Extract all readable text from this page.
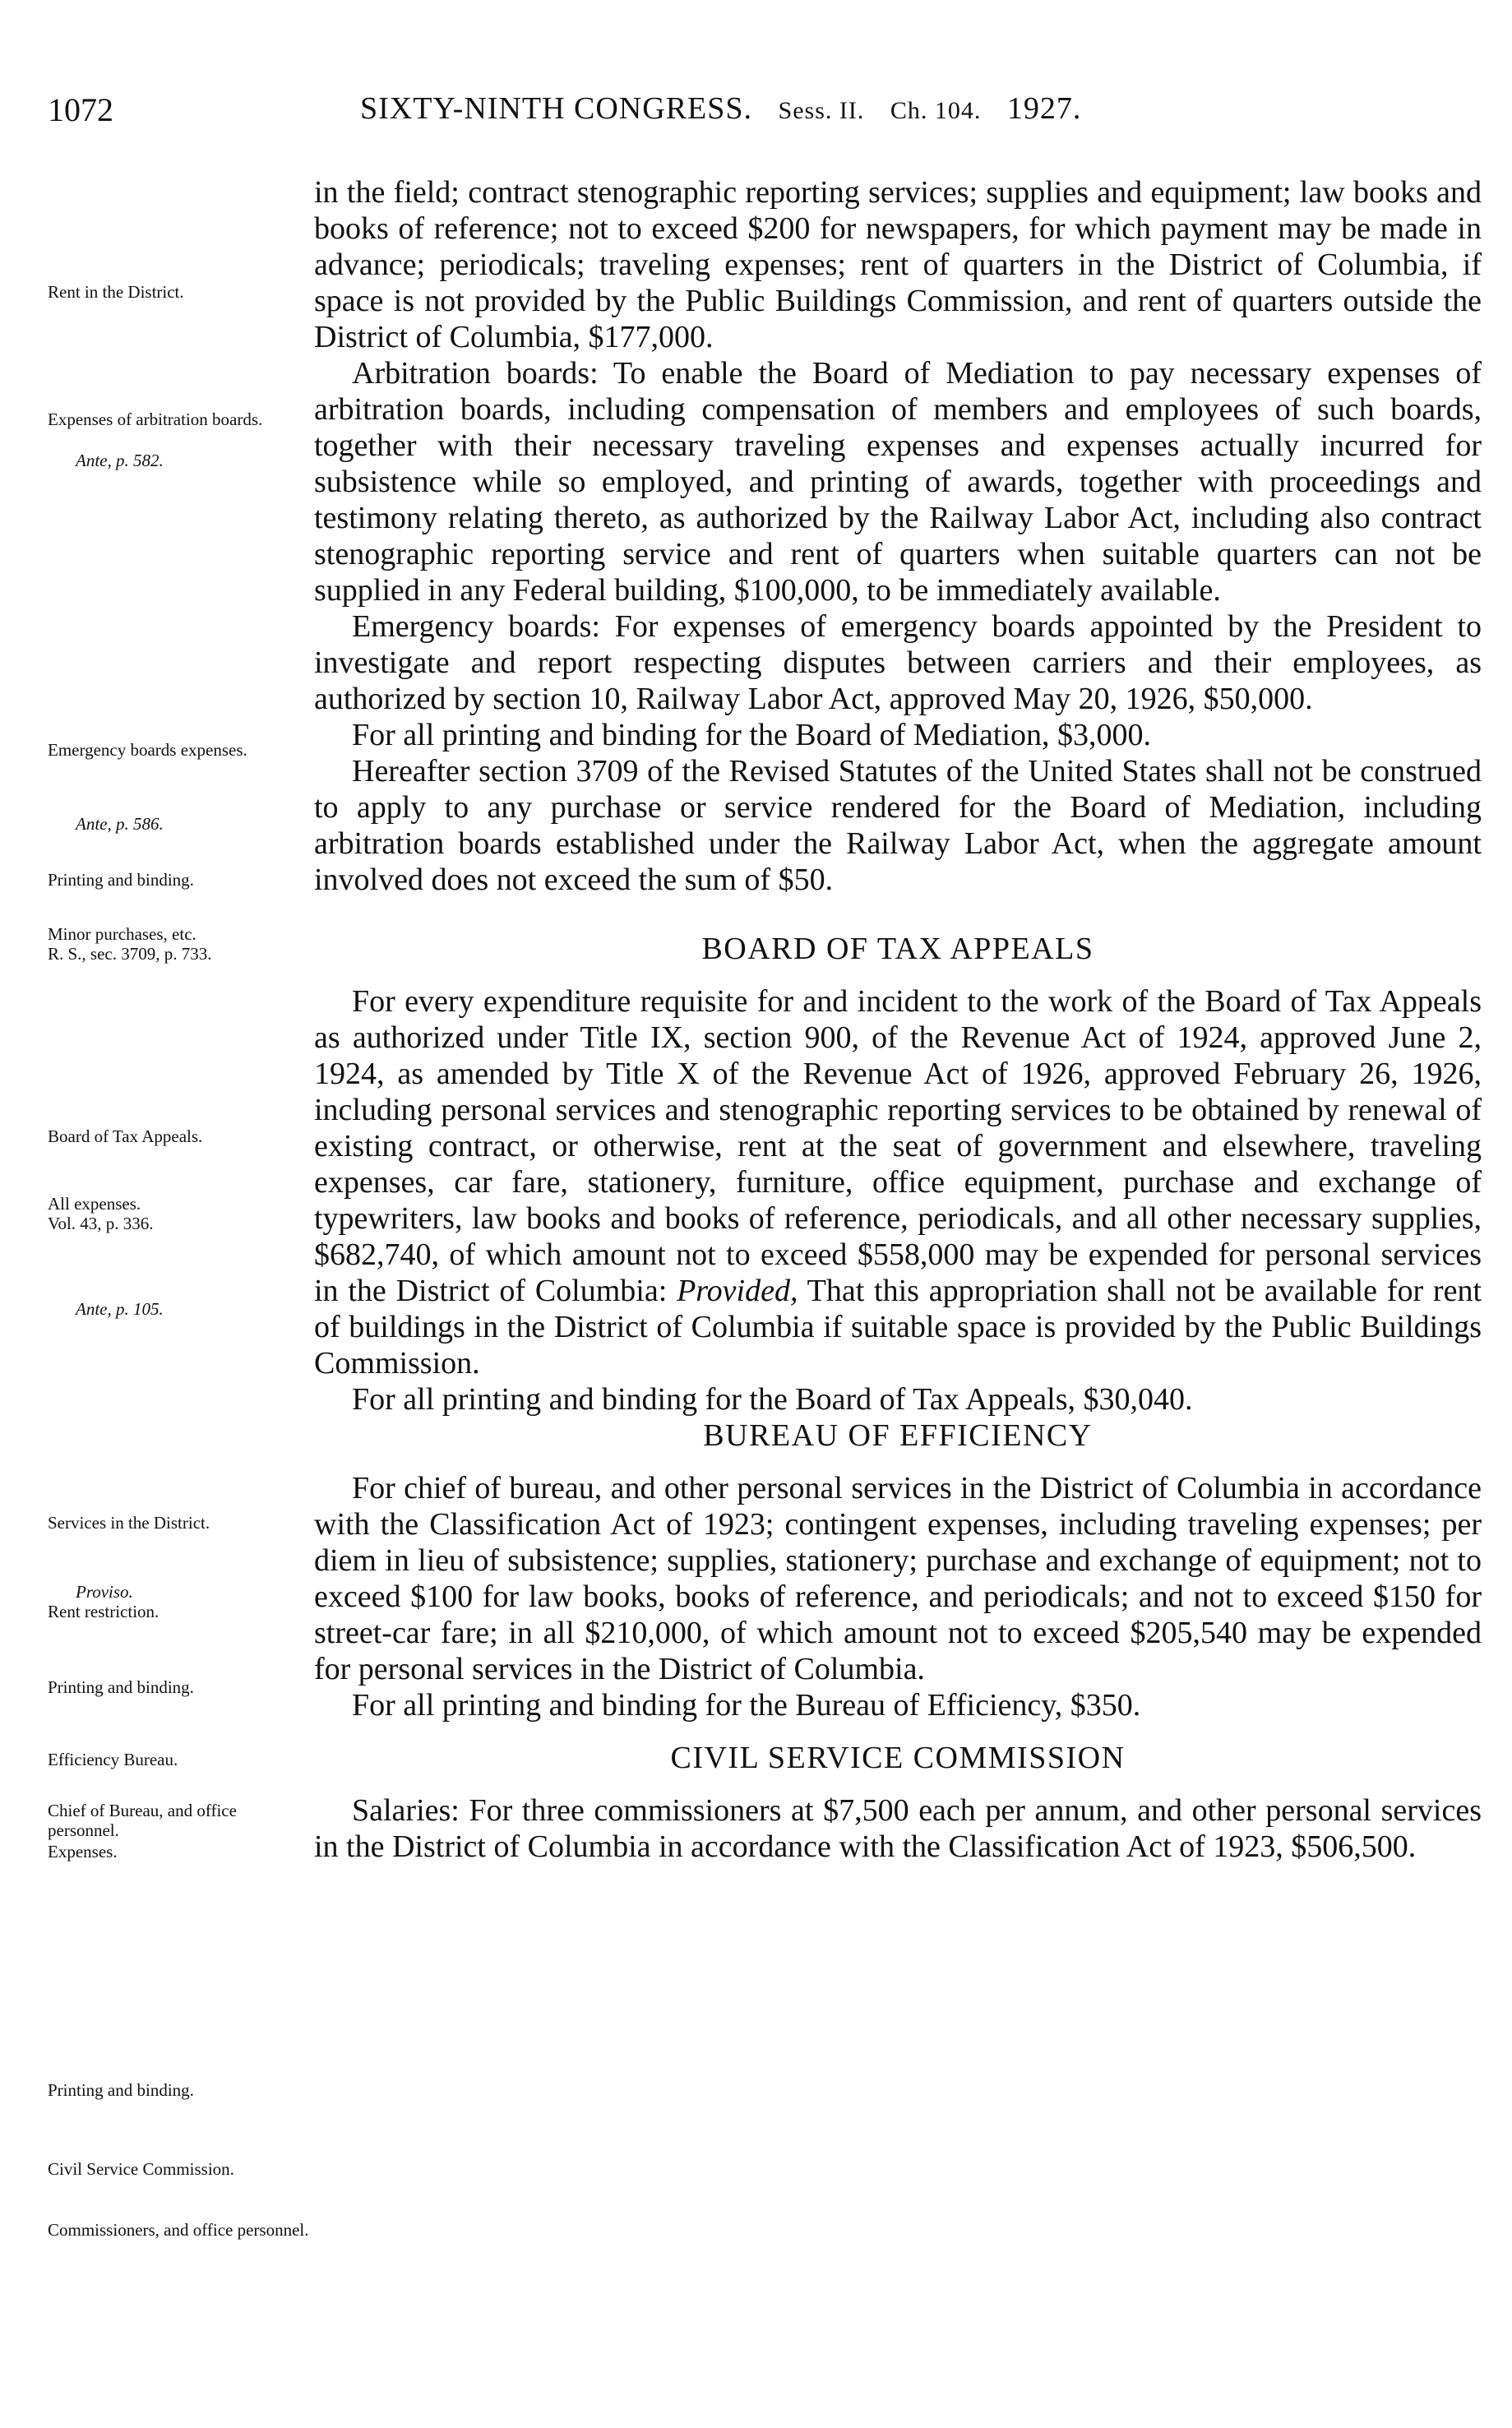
1072	SIXTY-NINTH CONGRESS. Sess. II. Ch. 104. 1927.
Rent in the District.
Expenses of arbitration boards.
Ante, p. 582.
Emergency boards expenses.
Ante, p. 586.
Printing and binding.
Minor purchases, etc.
R. S., sec. 3709, p. 733.
Board of Tax Appeals.
All expenses.
Vol. 43, p. 336.
Ante, p. 105.
Services in the District.
Proviso.
Rent restriction.
Printing and binding.
Efficiency Bureau.
Chief of Bureau, and office personnel.
Expenses.
Printing and binding.
Civil Service Commission.
Commissioners, and office personnel.

in the field; contract stenographic reporting services; supplies and equipment; law books and books of reference; not to exceed $200 for newspapers, for which payment may be made in advance; periodicals; traveling expenses; rent of quarters in the District of Columbia, if space is not provided by the Public Buildings Commission, and rent of quarters outside the District of Columbia, $177,000.

Arbitration boards: To enable the Board of Mediation to pay necessary expenses of arbitration boards, including compensation of members and employees of such boards, together with their necessary traveling expenses and expenses actually incurred for subsistence while so employed, and printing of awards, together with proceedings and testimony relating thereto, as authorized by the Railway Labor Act, including also contract stenographic reporting service and rent of quarters when suitable quarters can not be supplied in any Federal building, $100,000, to be immediately available.

Emergency boards: For expenses of emergency boards appointed by the President to investigate and report respecting disputes between carriers and their employees, as authorized by section 10, Railway Labor Act, approved May 20, 1926, $50,000.

For all printing and binding for the Board of Mediation, $3,000.

Hereafter section 3709 of the Revised Statutes of the United States shall not be construed to apply to any purchase or service rendered for the Board of Mediation, including arbitration boards established under the Railway Labor Act, when the aggregate amount involved does not exceed the sum of $50.

BOARD OF TAX APPEALS

For every expenditure requisite for and incident to the work of the Board of Tax Appeals as authorized under Title IX, section 900, of the Revenue Act of 1924, approved June 2, 1924, as amended by Title X of the Revenue Act of 1926, approved February 26, 1926, including personal services and stenographic reporting services to be obtained by renewal of existing contract, or otherwise, rent at the seat of government and elsewhere, traveling expenses, car fare, stationery, furniture, office equipment, purchase and exchange of typewriters, law books and books of reference, periodicals, and all other necessary supplies, $682,740, of which amount not to exceed $558,000 may be expended for personal services in the District of Columbia: Provided, That this appropriation shall not be available for rent of buildings in the District of Columbia if suitable space is provided by the Public Buildings Commission.

For all printing and binding for the Board of Tax Appeals, $30,040.

BUREAU OF EFFICIENCY

For chief of bureau, and other personal services in the District of Columbia in accordance with the Classification Act of 1923; contingent expenses, including traveling expenses; per diem in lieu of subsistence; supplies, stationery; purchase and exchange of equipment; not to exceed $100 for law books, books of reference, and periodicals; and not to exceed $150 for street-car fare; in all $210,000, of which amount not to exceed $205,540 may be expended for personal services in the District of Columbia.

For all printing and binding for the Bureau of Efficiency, $350.

CIVIL SERVICE COMMISSION

Salaries: For three commissioners at $7,500 each per annum, and other personal services in the District of Columbia in accordance with the Classification Act of 1923, $506,500.
